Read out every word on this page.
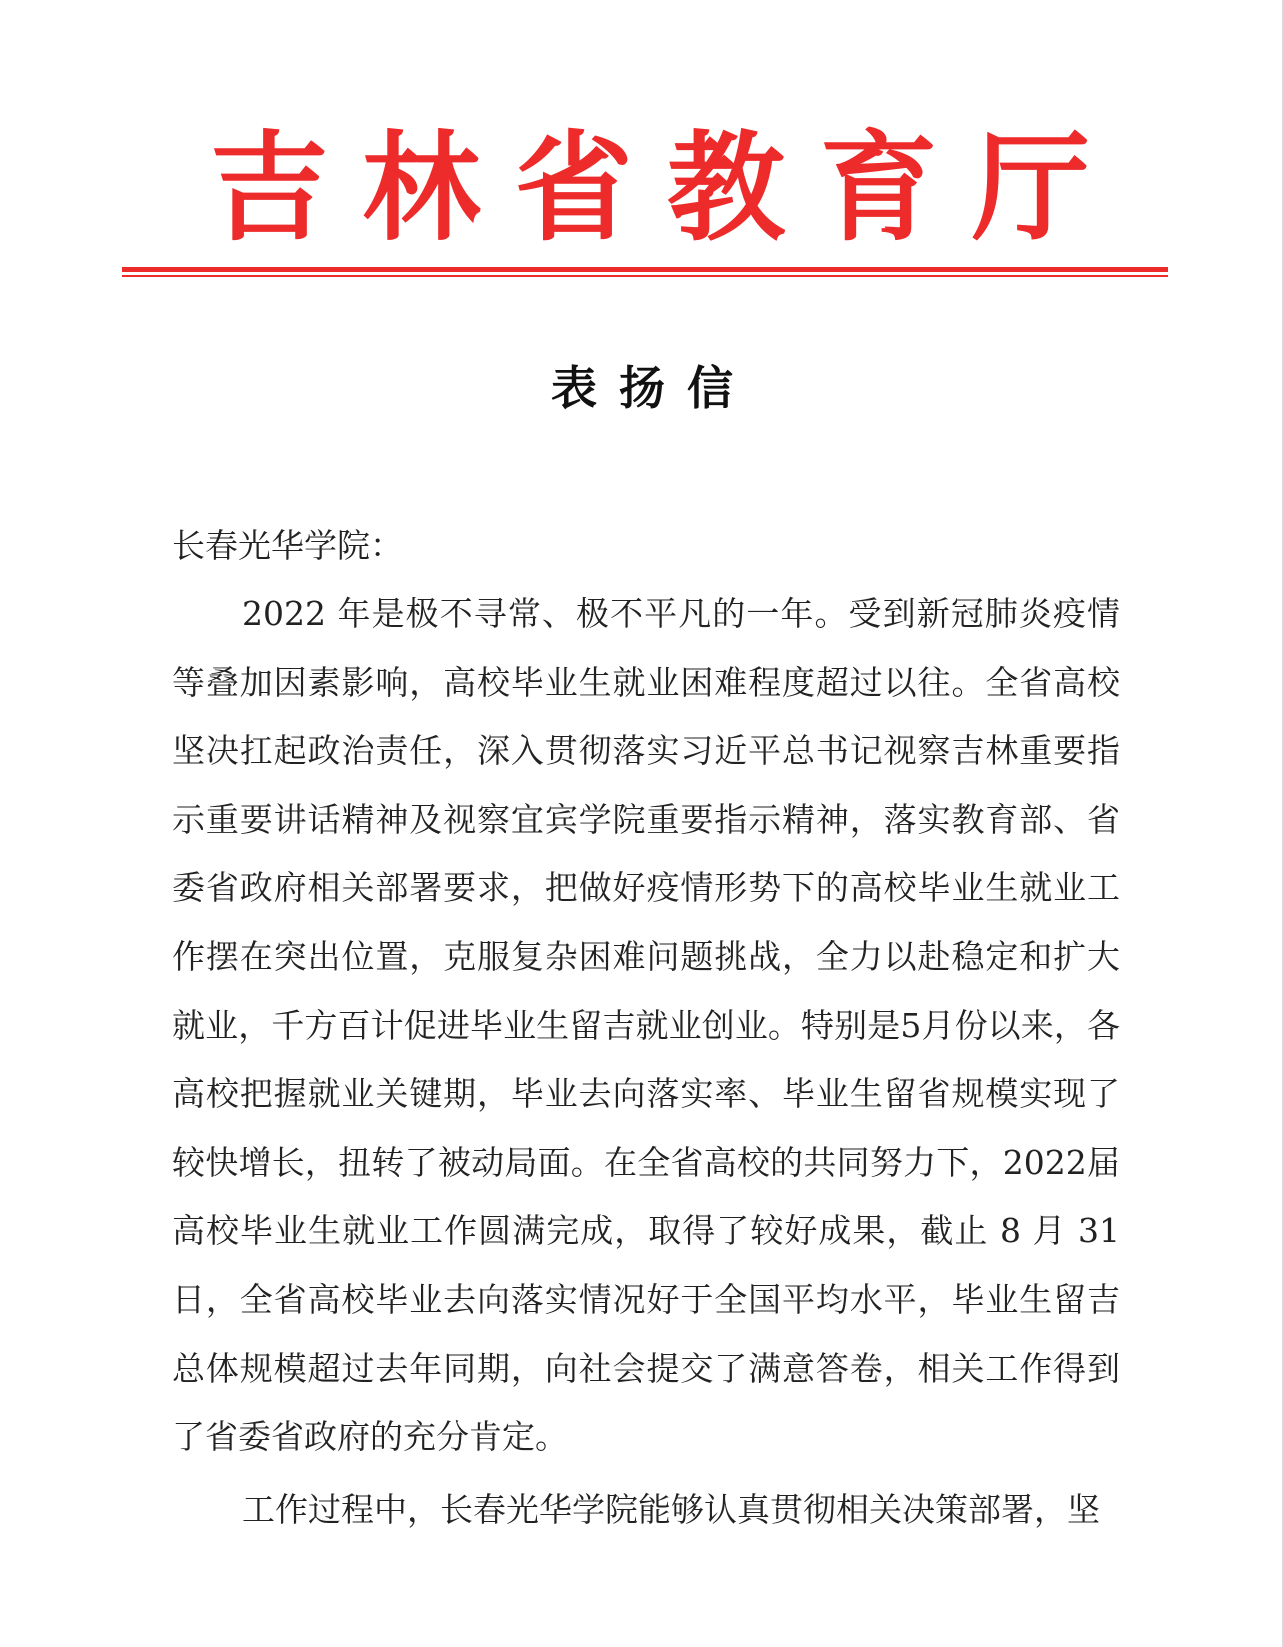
吉 林 省 教 育 厅
表扬信
长春光华学院：
2022 年是极不寻常、极不平凡的一年。受到新冠肺炎疫情等叠加因素影响，高校毕业生就业困难程度超过以往。全省高校坚决扛起政治责任，深入贯彻落实习近平总书记视察吉林重要指示重要讲话精神及视察宜宾学院重要指示精神，落实教育部、省委省政府相关部署要求，把做好疫情形势下的高校毕业生就业工作摆在突出位置，克服复杂困难问题挑战，全力以赴稳定和扩大就业，千方百计促进毕业生留吉就业创业。特别是5月份以来，各高校把握就业关键期，毕业去向落实率、毕业生留省规模实现了较快增长，扭转了被动局面。在全省高校的共同努力下，2022届高校毕业生就业工作圆满完成，取得了较好成果，截止 8 月 31 日，全省高校毕业去向落实情况好于全国平均水平，毕业生留吉总体规模超过去年同期，向社会提交了满意答卷，相关工作得到了省委省政府的充分肯定。
工作过程中，长春光华学院能够认真贯彻相关决策部署，坚
